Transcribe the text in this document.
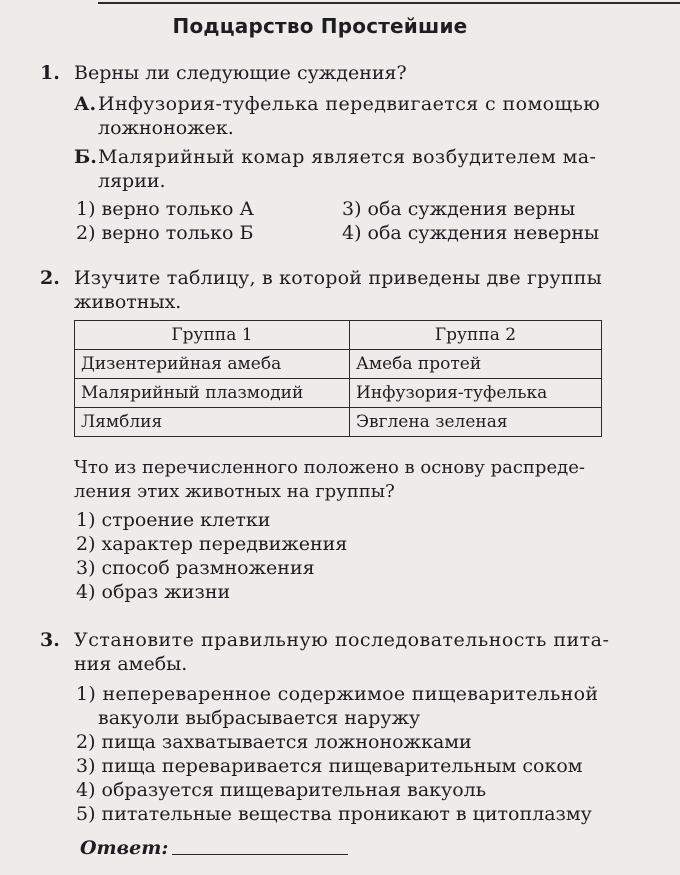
Подцарство Простейшие
1. Верны ли следующие суждения?
А. Инфузория-туфелька передвигается с помощью
ложноножек.
Б. Малярийный комар является возбудителем ма-
лярии.
1) верно только А
2) верно только Б
3) оба суждения верны
4) оба суждения неверны
2. Изучите таблицу, в которой приведены две группы
животных.
Группа 1	Группа 2
Дизентерийная амеба	Амеба протей
Малярийный плазмодий	Инфузория-туфелька
Лямблия	Эвглена зеленая
Что из перечисленного положено в основу распреде-
ления этих животных на группы?
1) строение клетки
2) характер передвижения
3) способ размножения
4) образ жизни
3. Установите правильную последовательность пита-
ния амебы.
1) непереваренное содержимое пищеварительной
вакуоли выбрасывается наружу
2) пища захватывается ложноножками
3) пища переваривается пищеварительным соком
4) образуется пищеварительная вакуоль
5) питательные вещества проникают в цитоплазму
Ответ:
